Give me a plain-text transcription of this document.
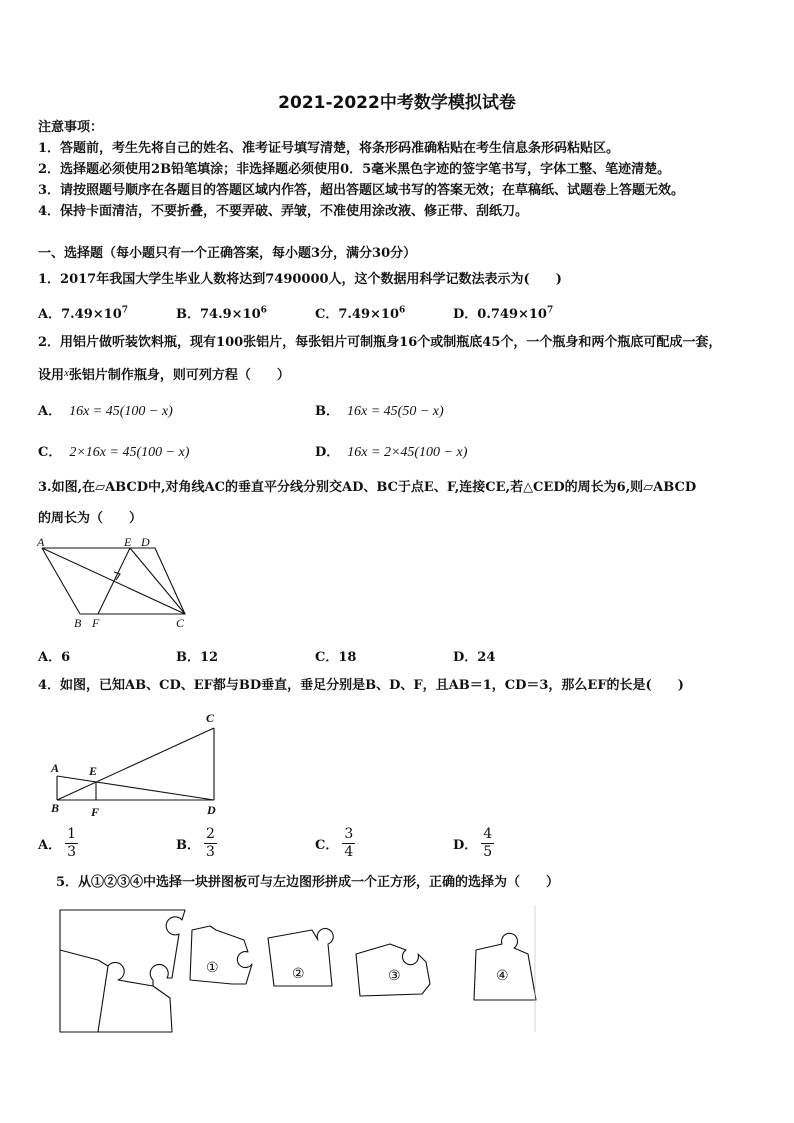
2021-2022中考数学模拟试卷
注意事项：
1．答题前，考生先将自己的姓名、准考证号填写清楚，将条形码准确粘贴在考生信息条形码粘贴区。
2．选择题必须使用2B铅笔填涂；非选择题必须使用0．5毫米黑色字迹的签字笔书写，字体工整、笔迹清楚。
3．请按照题号顺序在各题目的答题区域内作答，超出答题区域书写的答案无效；在草稿纸、试题卷上答题无效。
4．保持卡面清洁，不要折叠，不要弄破、弄皱，不准使用涂改液、修正带、刮纸刀。
一、选择题（每小题只有一个正确答案，每小题3分，满分30分）
1．2017年我国大学生毕业人数将达到7490000人，这个数据用科学记数法表示为(　　)
A．$7.49\times 10^7$	B．$74.9\times 10^6$	C．$7.49\times 10^6$	D．$0.749\times 10^7$
2．用铝片做听装饮料瓶，现有100张铝片，每张铝片可制瓶身16个或制瓶底45个，一个瓶身和两个瓶底可配成一套，
设用$^x$张铝片制作瓶身，则可列方程（　　）
A． 16x = 45(100 − x)	B． 16x = 45(50 − x)
C． 2×16x = 45(100 − x)	D． 16x = 2×45(100 − x)
3.如图,在▱ABCD中,对角线AC的垂直平分线分别交AD、BC于点E、F,连接CE,若△CED的周长为6,则▱ABCD
的周长为（　　）
A	E D
B F	C
A．6	B．12	C．18	D．24
4．如图，已知AB、CD、EF都与BD垂直，垂足分别是B、D、F，且AB＝1，CD＝3，那么EF的长是(　　)
C
A E
B	F	D
A． $\frac{1}{3}$	B． $\frac{2}{3}$	C． $\frac{3}{4}$	D． $\frac{4}{5}$
5．从①②③④中选择一块拼图板可与左边图形拼成一个正方形，正确的选择为（　　）
①	②	③	④
